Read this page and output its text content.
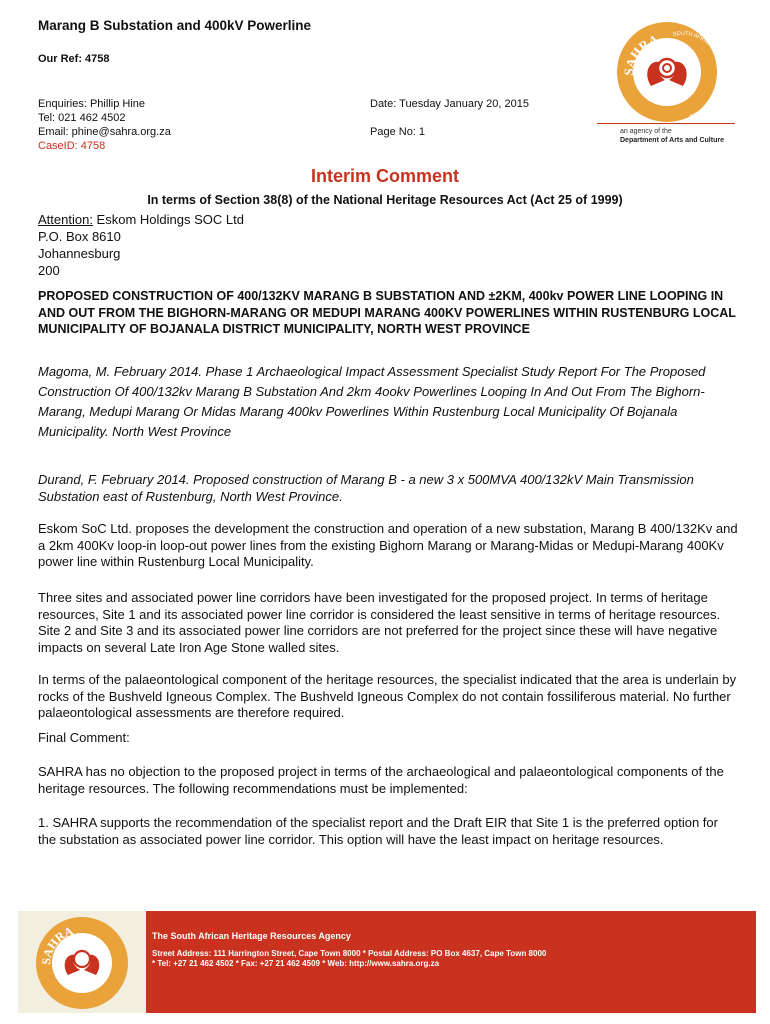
Marang B Substation and 400kV Powerline
Our Ref: 4758
Enquiries: Phillip Hine
Tel: 021 462 4502
Email: phine@sahra.org.za
CaseID: 4758
Date: Tuesday January 20, 2015
Page No: 1
SAHRA	SOUTH AFRICAN HERITAGE RESOURCES AGEN
an agency of the
Department of Arts and Culture
Interim Comment
In terms of Section 38(8) of the National Heritage Resources Act (Act 25 of 1999)
Attention: Eskom Holdings SOC Ltd
P.O. Box 8610
Johannesburg
200
PROPOSED CONSTRUCTION OF 400/132KV MARANG B SUBSTATION AND ±2KM, 400kv POWER LINE LOOPING IN AND OUT FROM THE BIGHORN-MARANG OR MEDUPI MARANG 400KV POWERLINES WITHIN RUSTENBURG LOCAL MUNICIPALITY OF BOJANALA DISTRICT MUNICIPALITY, NORTH WEST PROVINCE
Magoma, M. February 2014. Phase 1 Archaeological Impact Assessment Specialist Study Report For The Proposed Construction Of 400/132kv Marang B Substation And 2km 4ookv Powerlines Looping In And Out From The Bighorn-Marang, Medupi Marang Or Midas Marang 400kv Powerlines Within Rustenburg Local Municipality Of Bojanala Municipality. North West Province
Durand, F. February 2014. Proposed construction of Marang B - a new 3 x 500MVA 400/132kV Main Transmission Substation east of Rustenburg, North West Province.
Eskom SoC Ltd. proposes the development the construction and operation of a new substation, Marang B 400/132Kv and a 2km 400Kv loop-in loop-out power lines from the existing Bighorn Marang or Marang-Midas or Medupi-Marang 400Kv power line within Rustenburg Local Municipality.
Three sites and associated power line corridors have been investigated for the proposed project. In terms of heritage resources, Site 1 and its associated power line corridor is considered the least sensitive in terms of heritage resources. Site 2 and Site 3 and its associated power line corridors are not preferred for the project since these will have negative impacts on several Late Iron Age Stone walled sites.
In terms of the palaeontological component of the heritage resources, the specialist indicated that the area is underlain by rocks of the Bushveld Igneous Complex. The Bushveld Igneous Complex do not contain fossiliferous material. No further palaeontological assessments are therefore required.
Final Comment:
SAHRA has no objection to the proposed project in terms of the archaeological and palaeontological components of the heritage resources. The following recommendations must be implemented:
1. SAHRA supports the recommendation of the specialist report and the Draft EIR that Site 1 is the preferred option for the substation as associated power line corridor. This option will have the least impact on heritage resources.
SAHRA	The South African Heritage Resources Agency
Street Address: 111 Harrington Street, Cape Town 8000 * Postal Address: PO Box 4637, Cape Town 8000
* Tel: +27 21 462 4502 * Fax: +27 21 462 4509 * Web: http://www.sahra.org.za
